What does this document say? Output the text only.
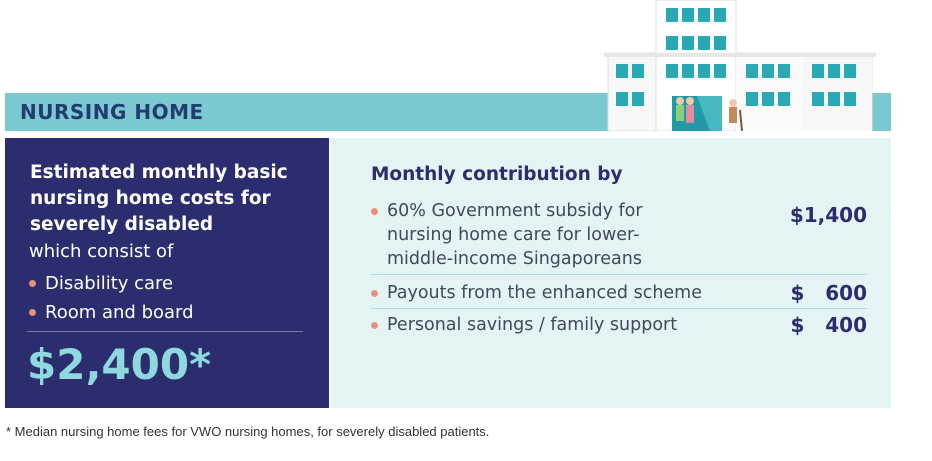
NURSING HOME
Estimated monthly basic
nursing home costs for
severely disabled
which consist of
Disability care
Room and board
$2,400*
Monthly contribution by
60% Government subsidy for
nursing home care for lower-
middle-income Singaporeans
$1,400
Payouts from the enhanced scheme	$   600
Personal savings / family support	$   400
* Median nursing home fees for VWO nursing homes, for severely disabled patients.
